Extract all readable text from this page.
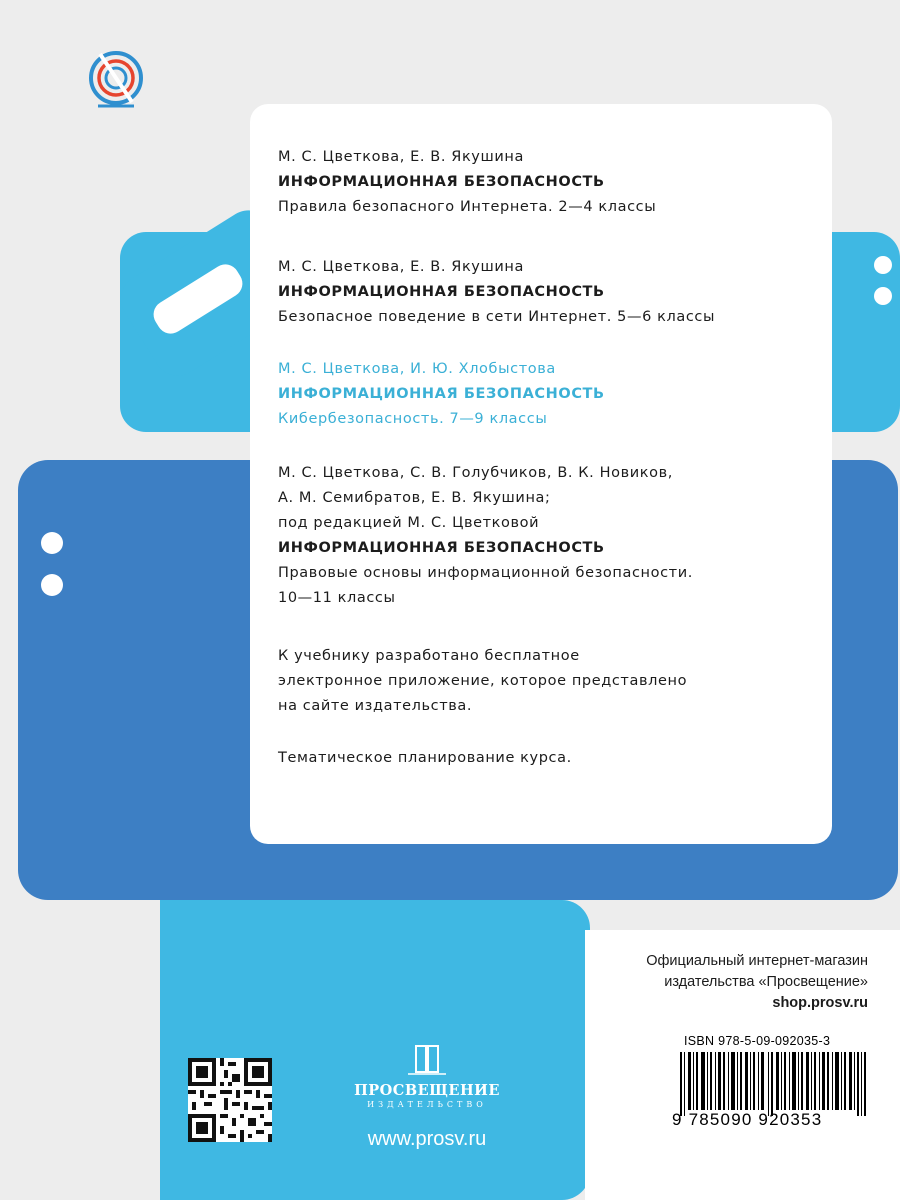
М. С. Цветкова, Е. В. Якушина
ИНФОРМАЦИОННАЯ БЕЗОПАСНОСТЬ
Правила безопасного Интернета. 2—4 классы
М. С. Цветкова, Е. В. Якушина
ИНФОРМАЦИОННАЯ БЕЗОПАСНОСТЬ
Безопасное поведение в сети Интернет. 5—6 классы
М. С. Цветкова, И. Ю. Хлобыстова
ИНФОРМАЦИОННАЯ БЕЗОПАСНОСТЬ
Кибербезопасность. 7—9 классы
М. С. Цветкова, С. В. Голубчиков, В. К. Новиков,
А. М. Семибратов, Е. В. Якушина;
под редакцией М. С. Цветковой
ИНФОРМАЦИОННАЯ БЕЗОПАСНОСТЬ
Правовые основы информационной безопасности.
10—11 классы
К учебнику разработано бесплатное
электронное приложение, которое представлено
на сайте издательства.
Тематическое планирование курса.
Официальный интернет-магазин
издательства «Просвещение»
shop.prosv.ru
ISBN 978-5-09-092035-3
9 785090 920353
ПРОСВЕЩЕНИЕ
ИЗДАТЕЛЬСТВО
www.prosv.ru
